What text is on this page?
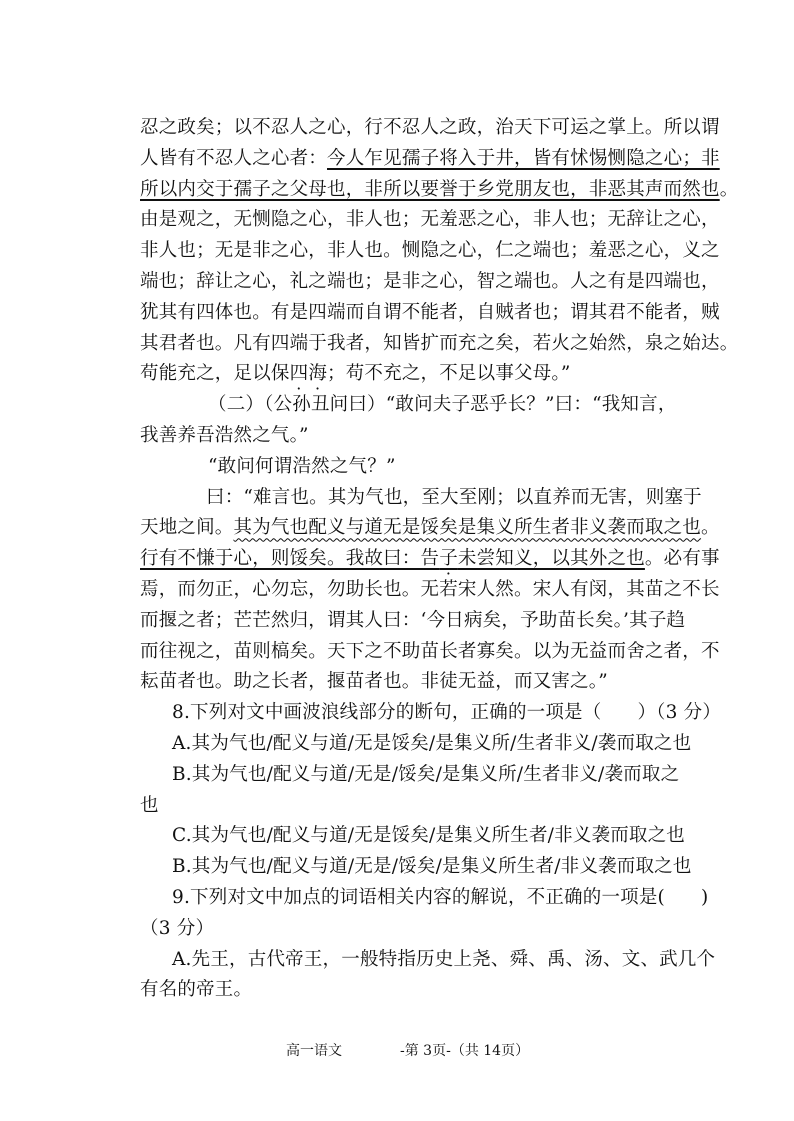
忍之政矣；以不忍人之心，行不忍人之政，治天下可运之掌上。所以谓
人皆有不忍人之心者：今人乍见孺子将入于井，皆有怵惕恻隐之心；非
所以内交于孺子之父母也，非所以要誉于乡党朋友也，非恶其声而然也。
由是观之，无恻隐之心，非人也；无羞恶之心，非人也；无辞让之心，
非人也；无是非之心，非人也。恻隐之心，仁之端也；羞恶之心，义之
端也；辞让之心，礼之端也；是非之心，智之端也。人之有是四端也，
犹其有四体也。有是四端而自谓不能者，自贼者也；谓其君不能者，贼
其君者也。凡有四端于我者，知皆扩而充之矣，若火之始然，泉之始达。
苟能充之，足以保四海；苟不充之，不足以事父母。”
（二）（公孙丑问曰）“敢问夫子恶乎长？”曰：“我知言，
我善养吾浩然之气。”
“敢问何谓浩然之气？”
曰：“难言也。其为气也，至大至刚；以直养而无害，则塞于
天地之间。其为气也配义与道无是馁矣是集义所生者非义袭而取之也。
行有不慊于心，则馁矣。我故曰：告子未尝知义，以其外之也。必有事
焉，而勿正，心勿忘，勿助长也。无若宋人然。宋人有闵，其苗之不长
而揠之者；芒芒然归，谓其人曰：‘今日病矣，予助苗长矣。’其子趋
而往视之，苗则槁矣。天下之不助苗长者寡矣。以为无益而舍之者，不
耘苗者也。助之长者，揠苗者也。非徒无益，而又害之。”
8.下列对文中画波浪线部分的断句，正确的一项是（ ）（3 分）
A.其为气也/配义与道/无是馁矣/是集义所/生者非义/袭而取之也
B.其为气也/配义与道/无是/馁矣/是集义所/生者非义/袭而取之
也
C.其为气也/配义与道/无是馁矣/是集义所生者/非义袭而取之也
B.其为气也/配义与道/无是/馁矣/是集义所生者/非义袭而取之也
9.下列对文中加点的词语相关内容的解说，不正确的一项是( )
（3 分）
A.先王，古代帝王，一般特指历史上尧、舜、禹、汤、文、武几个
有名的帝王。
高一语文	-第 3页-（共 14页）
